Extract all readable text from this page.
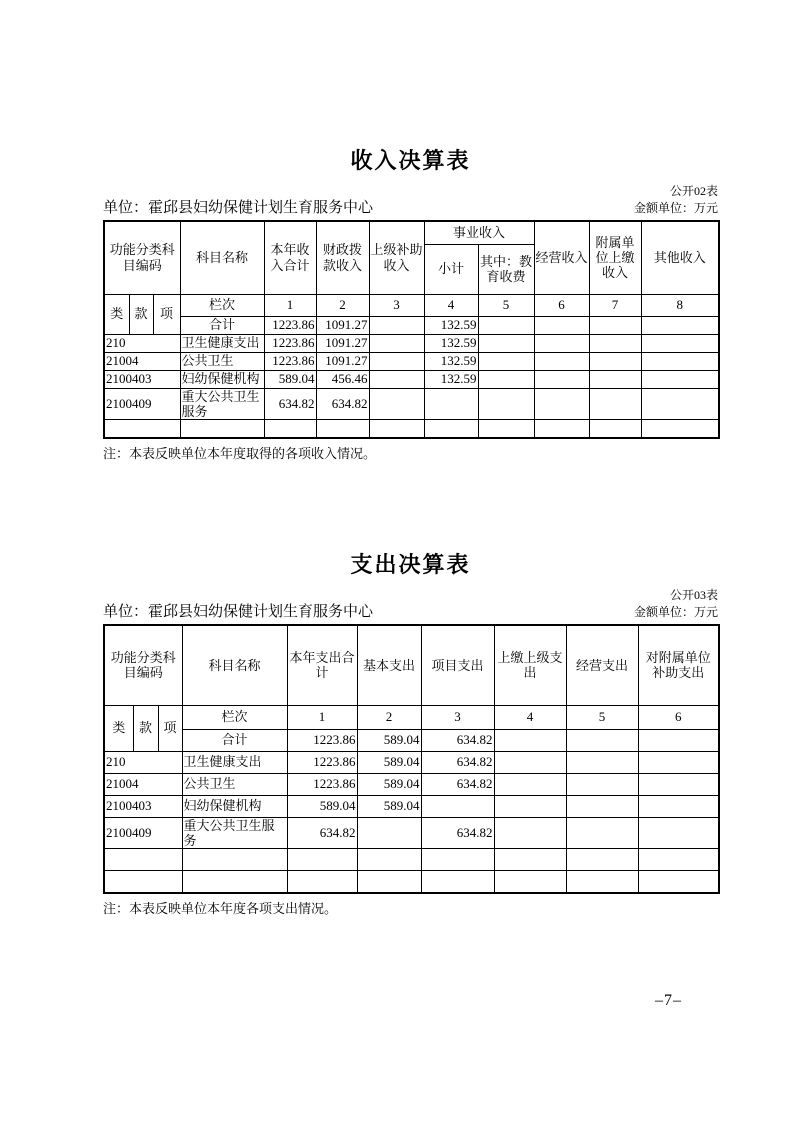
收入决算表
公开02表
单位：霍邱县妇幼保健计划生育服务中心	金额单位：万元
功能分类科目编码			科目名称	本年收入合计	财政拨款收入	上级补助收入	事业收入		经营收入	附属单位上缴收入	其他收入
							小计	其中：教育收费			
类	款	项	栏次	1	2	3	4	5	6	7	8
			合计	1223.86	1091.27		132.59				
210			卫生健康支出	1223.86	1091.27		132.59				
21004			公共卫生	1223.86	1091.27		132.59				
2100403			妇幼保健机构	589.04	456.46		132.59				
2100409			重大公共卫生服务	634.82	634.82						

注：本表反映单位本年度取得的各项收入情况。
支出决算表
公开03表
单位：霍邱县妇幼保健计划生育服务中心	金额单位：万元
功能分类科目编码			科目名称	本年支出合计	基本支出	项目支出	上缴上级支出	经营支出	对附属单位补助支出
类	款	项	栏次	1	2	3	4	5	6
			合计	1223.86	589.04	634.82			
210			卫生健康支出	1223.86	589.04	634.82			
21004			公共卫生	1223.86	589.04	634.82			
2100403			妇幼保健机构	589.04	589.04				
2100409			重大公共卫生服务	634.82		634.82			

注：本表反映单位本年度各项支出情况。
–7–
